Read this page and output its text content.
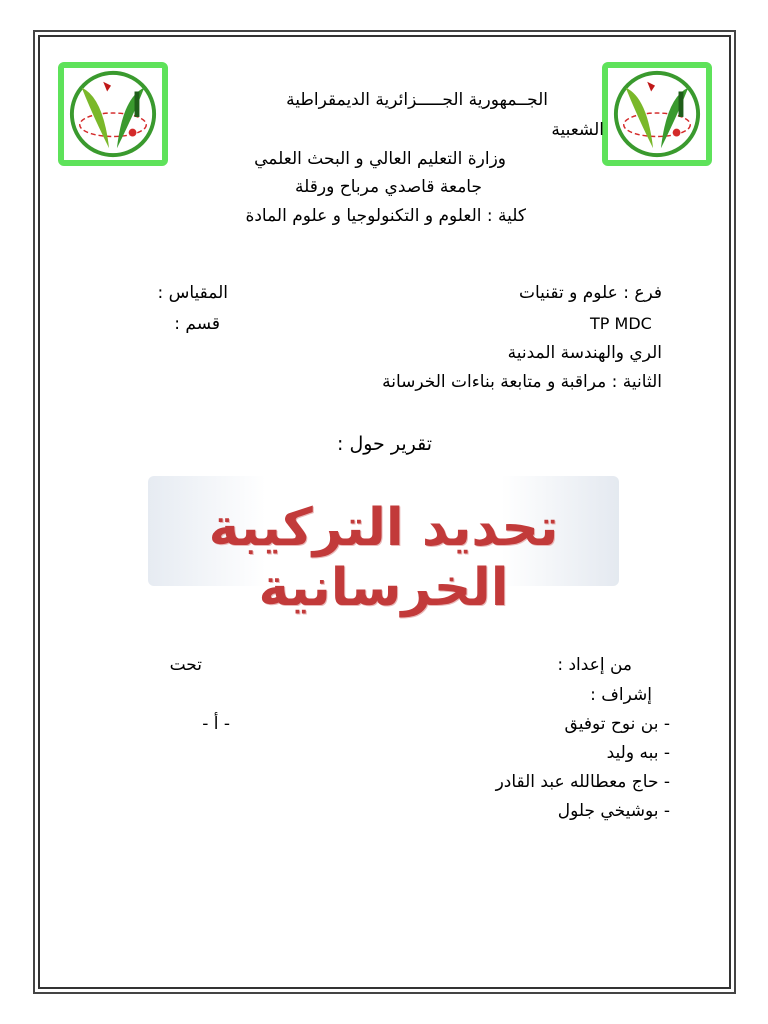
الجــمهورية الجـــــزائرية الديمقراطية
الشعبية
وزارة التعليم العالي و البحث العلمي
جامعة قاصدي مرباح ورقلة
كلية : العلوم و التكنولوجيا و علوم المادة
فرع : علوم و تقنيات
المقياس :
TP MDC
قسم :
الري والهندسة المدنية
الثانية : مراقبة و متابعة بناءات الخرسانة
تقرير حول :
تحديد التركيبة الخرسانية
من إعداد :
تحت
إشراف :
- أ -	- بن نوح توفيق
- ببه وليد
- حاج معطالله عبد القادر
- بوشيخي جلول
